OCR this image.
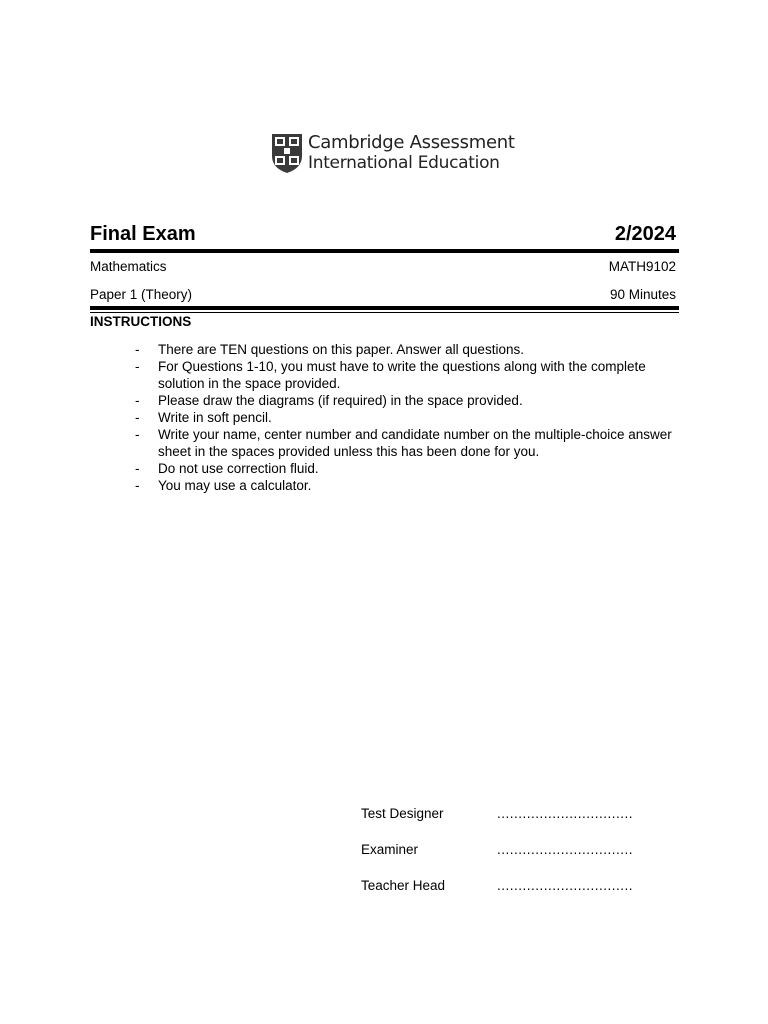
Cambridge Assessment
International Education
Final Exam	2/2024
Mathematics	MATH9102
Paper 1 (Theory)	90 Minutes
INSTRUCTIONS
- There are TEN questions on this paper. Answer all questions.
- For Questions 1-10, you must have to write the questions along with the complete solution in the space provided.
- Please draw the diagrams (if required) in the space provided.
- Write in soft pencil.
- Write your name, center number and candidate number on the multiple-choice answer sheet in the spaces provided unless this has been done for you.
- Do not use correction fluid.
- You may use a calculator.
Test Designer	................................
Examiner	................................
Teacher Head	................................
